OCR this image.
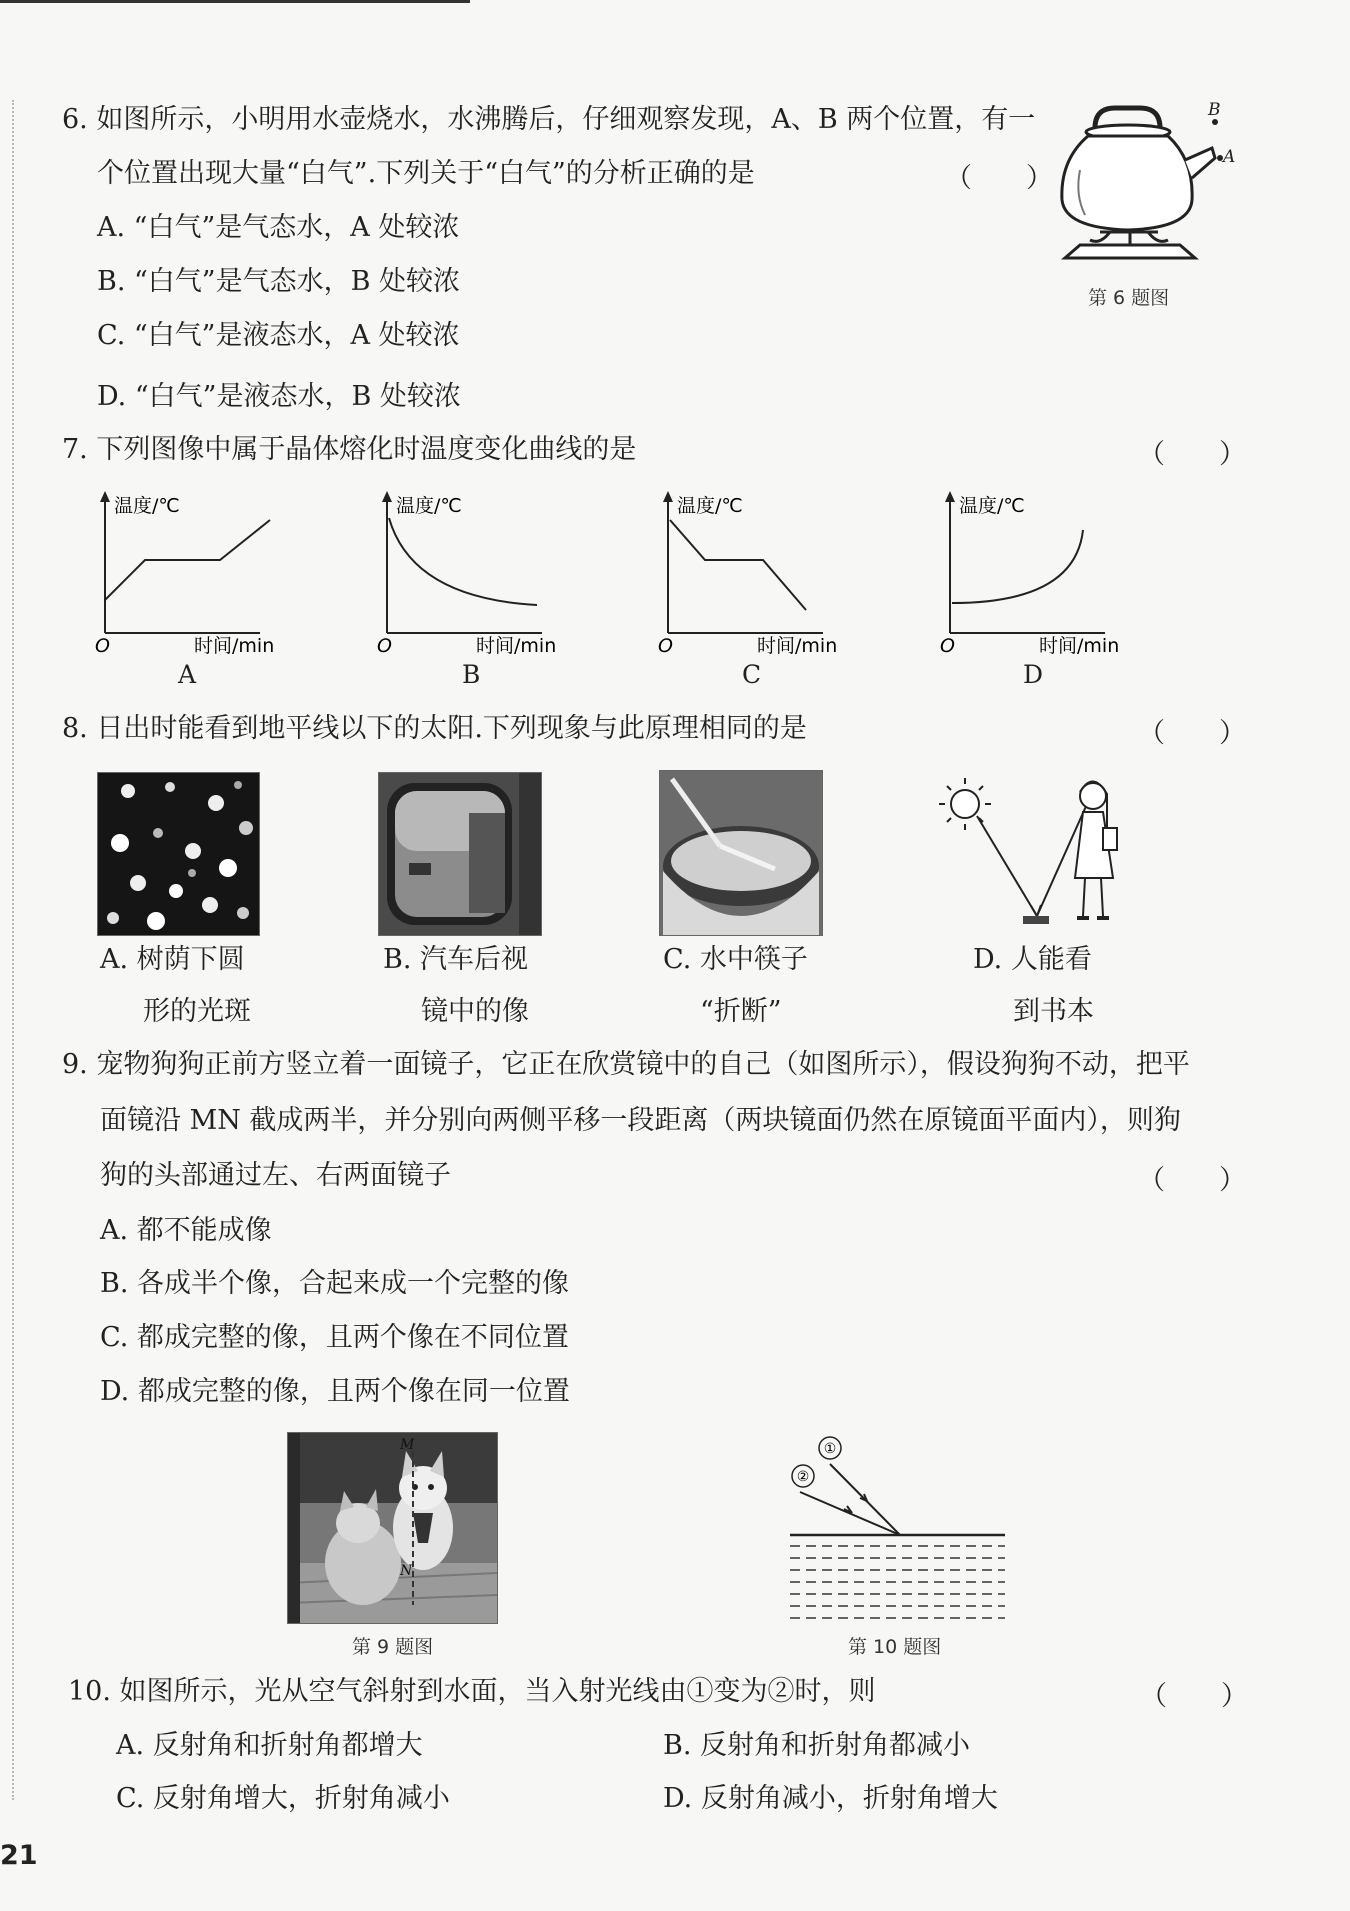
6. 如图所示，小明用水壶烧水，水沸腾后，仔细观察发现，A、B 两个位置，有一
个位置出现大量“白气”.下列关于“白气”的分析正确的是	（　　）
A. “白气”是气态水，A 处较浓
B. “白气”是气态水，B 处较浓
C. “白气”是液态水，A 处较浓
D. “白气”是液态水，B 处较浓
A
B
第 6 题图
7. 下列图像中属于晶体熔化时温度变化曲线的是	（　　）
温度/℃
O	时间/min
A
温度/℃
O	时间/min
B
温度/℃
O	时间/min
C
温度/℃
O	时间/min
D
8. 日出时能看到地平线以下的太阳.下列现象与此原理相同的是	（　　）
A. 树荫下圆
形的光斑
B. 汽车后视
镜中的像
C. 水中筷子
“折断”
D. 人能看
到书本
9. 宠物狗狗正前方竖立着一面镜子，它正在欣赏镜中的自己（如图所示），假设狗狗不动，把平
面镜沿 MN 截成两半，并分别向两侧平移一段距离（两块镜面仍然在原镜面平面内），则狗
狗的头部通过左、右两面镜子	（　　）
A. 都不能成像
B. 各成半个像，合起来成一个完整的像
C. 都成完整的像，且两个像在不同位置
D. 都成完整的像，且两个像在同一位置
M
N
第 9 题图
①
②
第 10 题图
10. 如图所示，光从空气斜射到水面，当入射光线由①变为②时，则	（　　）
A. 反射角和折射角都增大	B. 反射角和折射角都减小
C. 反射角增大，折射角减小	D. 反射角减小，折射角增大
21
